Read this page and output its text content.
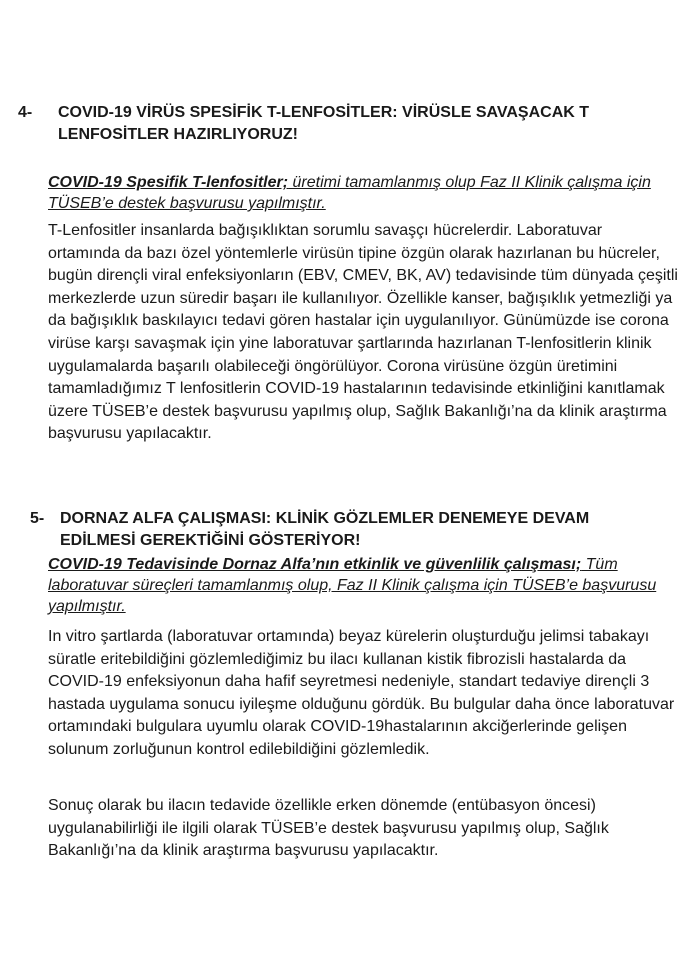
4-	COVID-19 VİRÜS SPESİFİK T-LENFOSİTLER: VİRÜSLE SAVAŞACAK T LENFOSİTLER HAZIRLIYORUZ!

COVID-19 Spesifik T-lenfositler; üretimi tamamlanmış olup Faz II Klinik çalışma için TÜSEB’e destek başvurusu yapılmıştır.

T-Lenfositler insanlarda bağışıklıktan sorumlu savaşçı hücrelerdir. Laboratuvar ortamında da bazı özel yöntemlerle virüsün tipine özgün olarak hazırlanan bu hücreler, bugün dirençli viral enfeksiyonların (EBV, CMEV, BK, AV) tedavisinde tüm dünyada çeşitli merkezlerde uzun süredir başarı ile kullanılıyor. Özellikle kanser, bağışıklık yetmezliği ya da bağışıklık baskılayıcı tedavi gören hastalar için uygulanılıyor. Günümüzde ise corona virüse karşı savaşmak için yine laboratuvar şartlarında hazırlanan T-lenfositlerin klinik uygulamalarda başarılı olabileceği öngörülüyor. Corona virüsüne özgün üretimini tamamladığımız T lenfositlerin COVID-19 hastalarının tedavisinde etkinliğini kanıtlamak üzere TÜSEB’e destek başvurusu yapılmış olup, Sağlık Bakanlığı’na da klinik araştırma başvurusu yapılacaktır.

5- DORNAZ ALFA ÇALIŞMASI: KLİNİK GÖZLEMLER DENEMEYE DEVAM EDİLMESİ GEREKTİĞİNİ GÖSTERİYOR!

COVID-19 Tedavisinde Dornaz Alfa’nın etkinlik ve güvenlilik çalışması; Tüm laboratuvar süreçleri tamamlanmış olup, Faz II Klinik çalışma için TÜSEB’e başvurusu yapılmıştır.

In vitro şartlarda (laboratuvar ortamında) beyaz kürelerin oluşturduğu jelimsi tabakayı süratle eritebildiğini gözlemlediğimiz bu ilacı kullanan kistik fibrozisli hastalarda da COVID-19 enfeksiyonun daha hafif seyretmesi nedeniyle, standart tedaviye dirençli 3 hastada uygulama sonucu iyileşme olduğunu gördük. Bu bulgular daha önce laboratuvar ortamındaki bulgulara uyumlu olarak COVID-19hastalarının akciğerlerinde gelişen solunum zorluğunun kontrol edilebildiğini gözlemledik.

Sonuç olarak bu ilacın tedavide özellikle erken dönemde (entübasyon öncesi) uygulanabilirliği ile ilgili olarak TÜSEB’e destek başvurusu yapılmış olup, Sağlık Bakanlığı’na da klinik araştırma başvurusu yapılacaktır.
